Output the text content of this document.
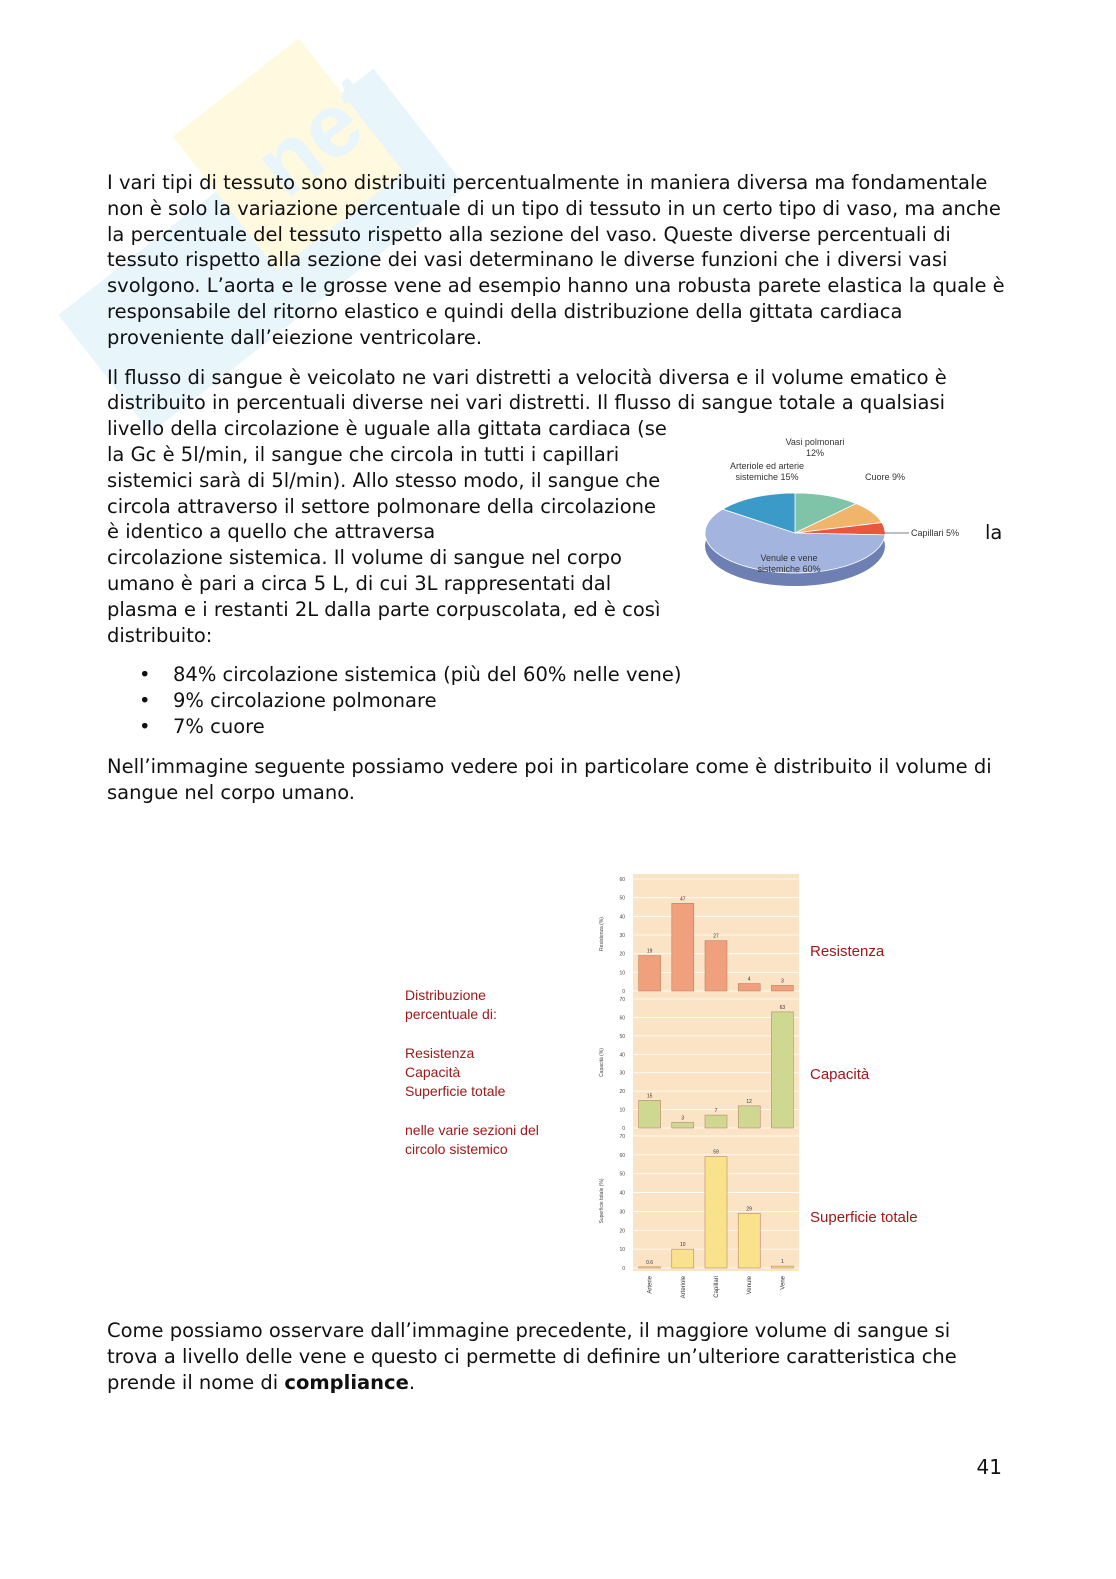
net

I vari tipi di tessuto sono distribuiti percentualmente in maniera diversa ma fondamentale non è solo la variazione percentuale di un tipo di tessuto in un certo tipo di vaso, ma anche la percentuale del tessuto rispetto alla sezione del vaso. Queste diverse percentuali di tessuto rispetto alla sezione dei vasi determinano le diverse funzioni che i diversi vasi svolgono. L’aorta e le grosse vene ad esempio hanno una robusta parete elastica la quale è responsabile del ritorno elastico e quindi della distribuzione della gittata cardiaca proveniente dall’eiezione ventricolare.

Il flusso di sangue è veicolato ne vari distretti a velocità diversa e il volume ematico è distribuito in percentuali diverse nei vari distretti. Il flusso di sangue totale a qualsiasi
livello della circolazione è uguale alla gittata cardiaca (se la Gc è 5l/min, il sangue che circola in tutti i capillari sistemici sarà di 5l/min). Allo stesso modo, il sangue che circola attraverso il settore polmonare della circolazione è identico a quello che attraversa
circolazione sistemica. Il volume di sangue nel corpo umano è pari a circa 5 L, di cui 3L rappresentati dal plasma e i restanti 2L dalla parte corpuscolata, ed è così distribuito:
la
Vasi polmonari
12%
Arteriole ed arterie
sistemiche 15%	Cuore 9%
Capillari 5%
Venule e vene
sistemiche 60%
• 84% circolazione sistemica (più del 60% nelle vene)
• 9% circolazione polmonare
• 7% cuore

Nell’immagine seguente possiamo vedere poi in particolare come è distribuito il volume di sangue nel corpo umano.

Distribuzione
percentuale di:
Resistenza
Capacità
Superficie totale
nelle varie sezioni del
circolo sistemico
Resistenza
Capacità
Superficie totale
0
10
20
30
40
50
60
Resistenza (%)
19
47
27
4	3
0
10
20
30
40
50
60
70
Capacità (%)
15
3
7
12
63
0
10
20
30
40
50
60
70
Superficie totale (%)
0.6
10
59
29
1
Arterie	Arteriole	Capillari	Venule	Vene

Come possiamo osservare dall’immagine precedente, il maggiore volume di sangue si trova a livello delle vene e questo ci permette di definire un’ulteriore caratteristica che prende il nome di compliance.

41
